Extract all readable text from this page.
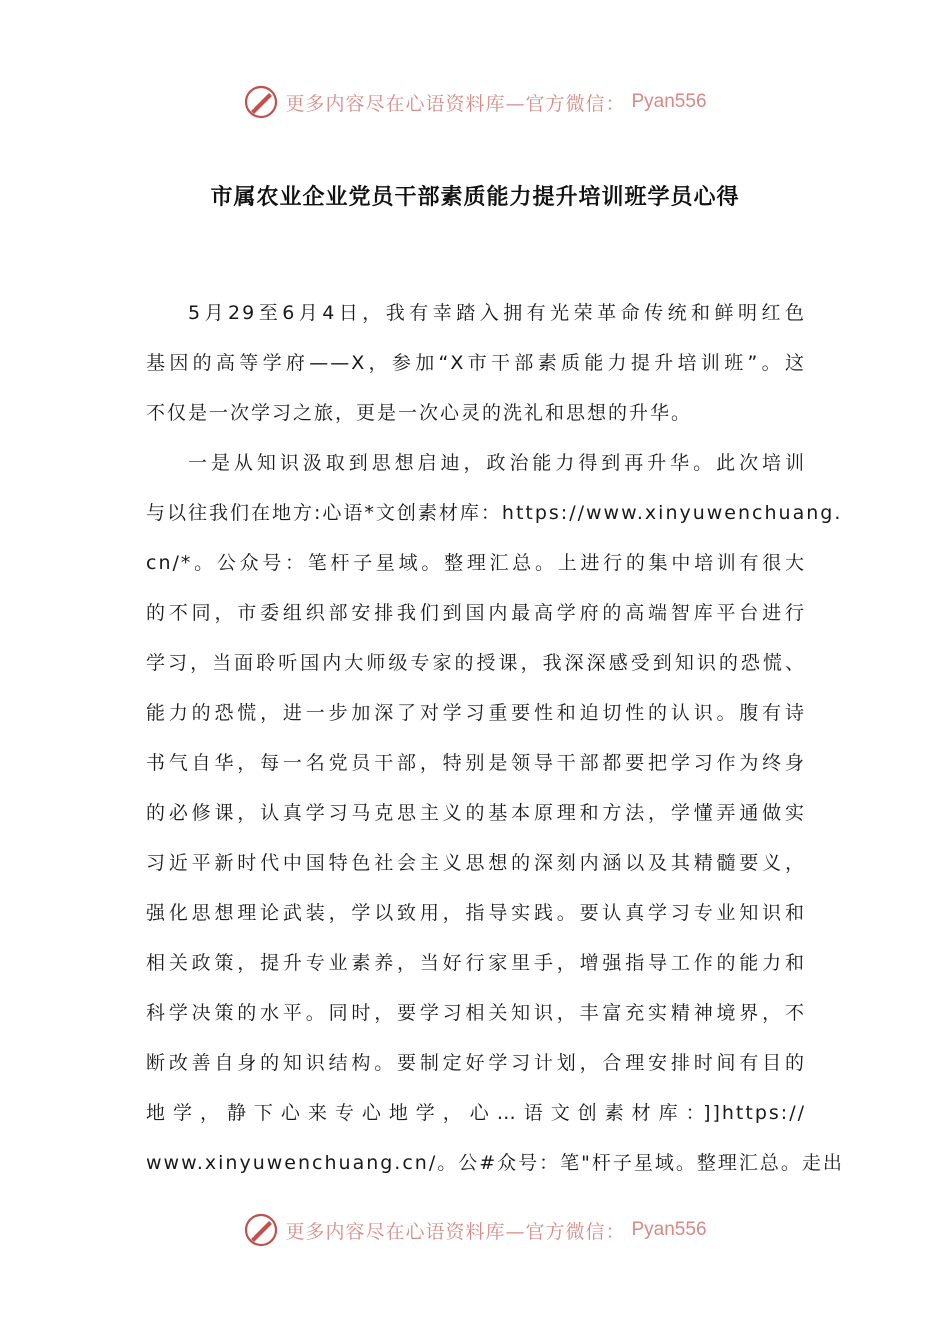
更多内容尽在心语资料库—官方微信： Pyan556
市属农业企业党员干部素质能力提升培训班学员心得
5月29至6月4日，我有幸踏入拥有光荣革命传统和鲜明红色
基因的高等学府——X，参加“X市干部素质能力提升培训班”。这
不仅是一次学习之旅，更是一次心灵的洗礼和思想的升华。
一是从知识汲取到思想启迪，政治能力得到再升华。此次培训
与以往我们在地方:心语*文创素材库：https://www.xinyuwenchuang.
cn/*。公众号：笔杆子星域。整理汇总。上进行的集中培训有很大
的不同，市委组织部安排我们到国内最高学府的高端智库平台进行
学习，当面聆听国内大师级专家的授课，我深深感受到知识的恐慌、
能力的恐慌，进一步加深了对学习重要性和迫切性的认识。腹有诗
书气自华，每一名党员干部，特别是领导干部都要把学习作为终身
的必修课，认真学习马克思主义的基本原理和方法，学懂弄通做实
习近平新时代中国特色社会主义思想的深刻内涵以及其精髓要义，
强化思想理论武装，学以致用，指导实践。要认真学习专业知识和
相关政策，提升专业素养，当好行家里手，增强指导工作的能力和
科学决策的水平。同时，要学习相关知识，丰富充实精神境界，不
断改善自身的知识结构。要制定好学习计划，合理安排时间有目的
地学，静下心来专心地学，心…语文创素材库：]]https://
www.xinyuwenchuang.cn/。公#众号：笔"杆子星域。整理汇总。走出
更多内容尽在心语资料库—官方微信： Pyan556
